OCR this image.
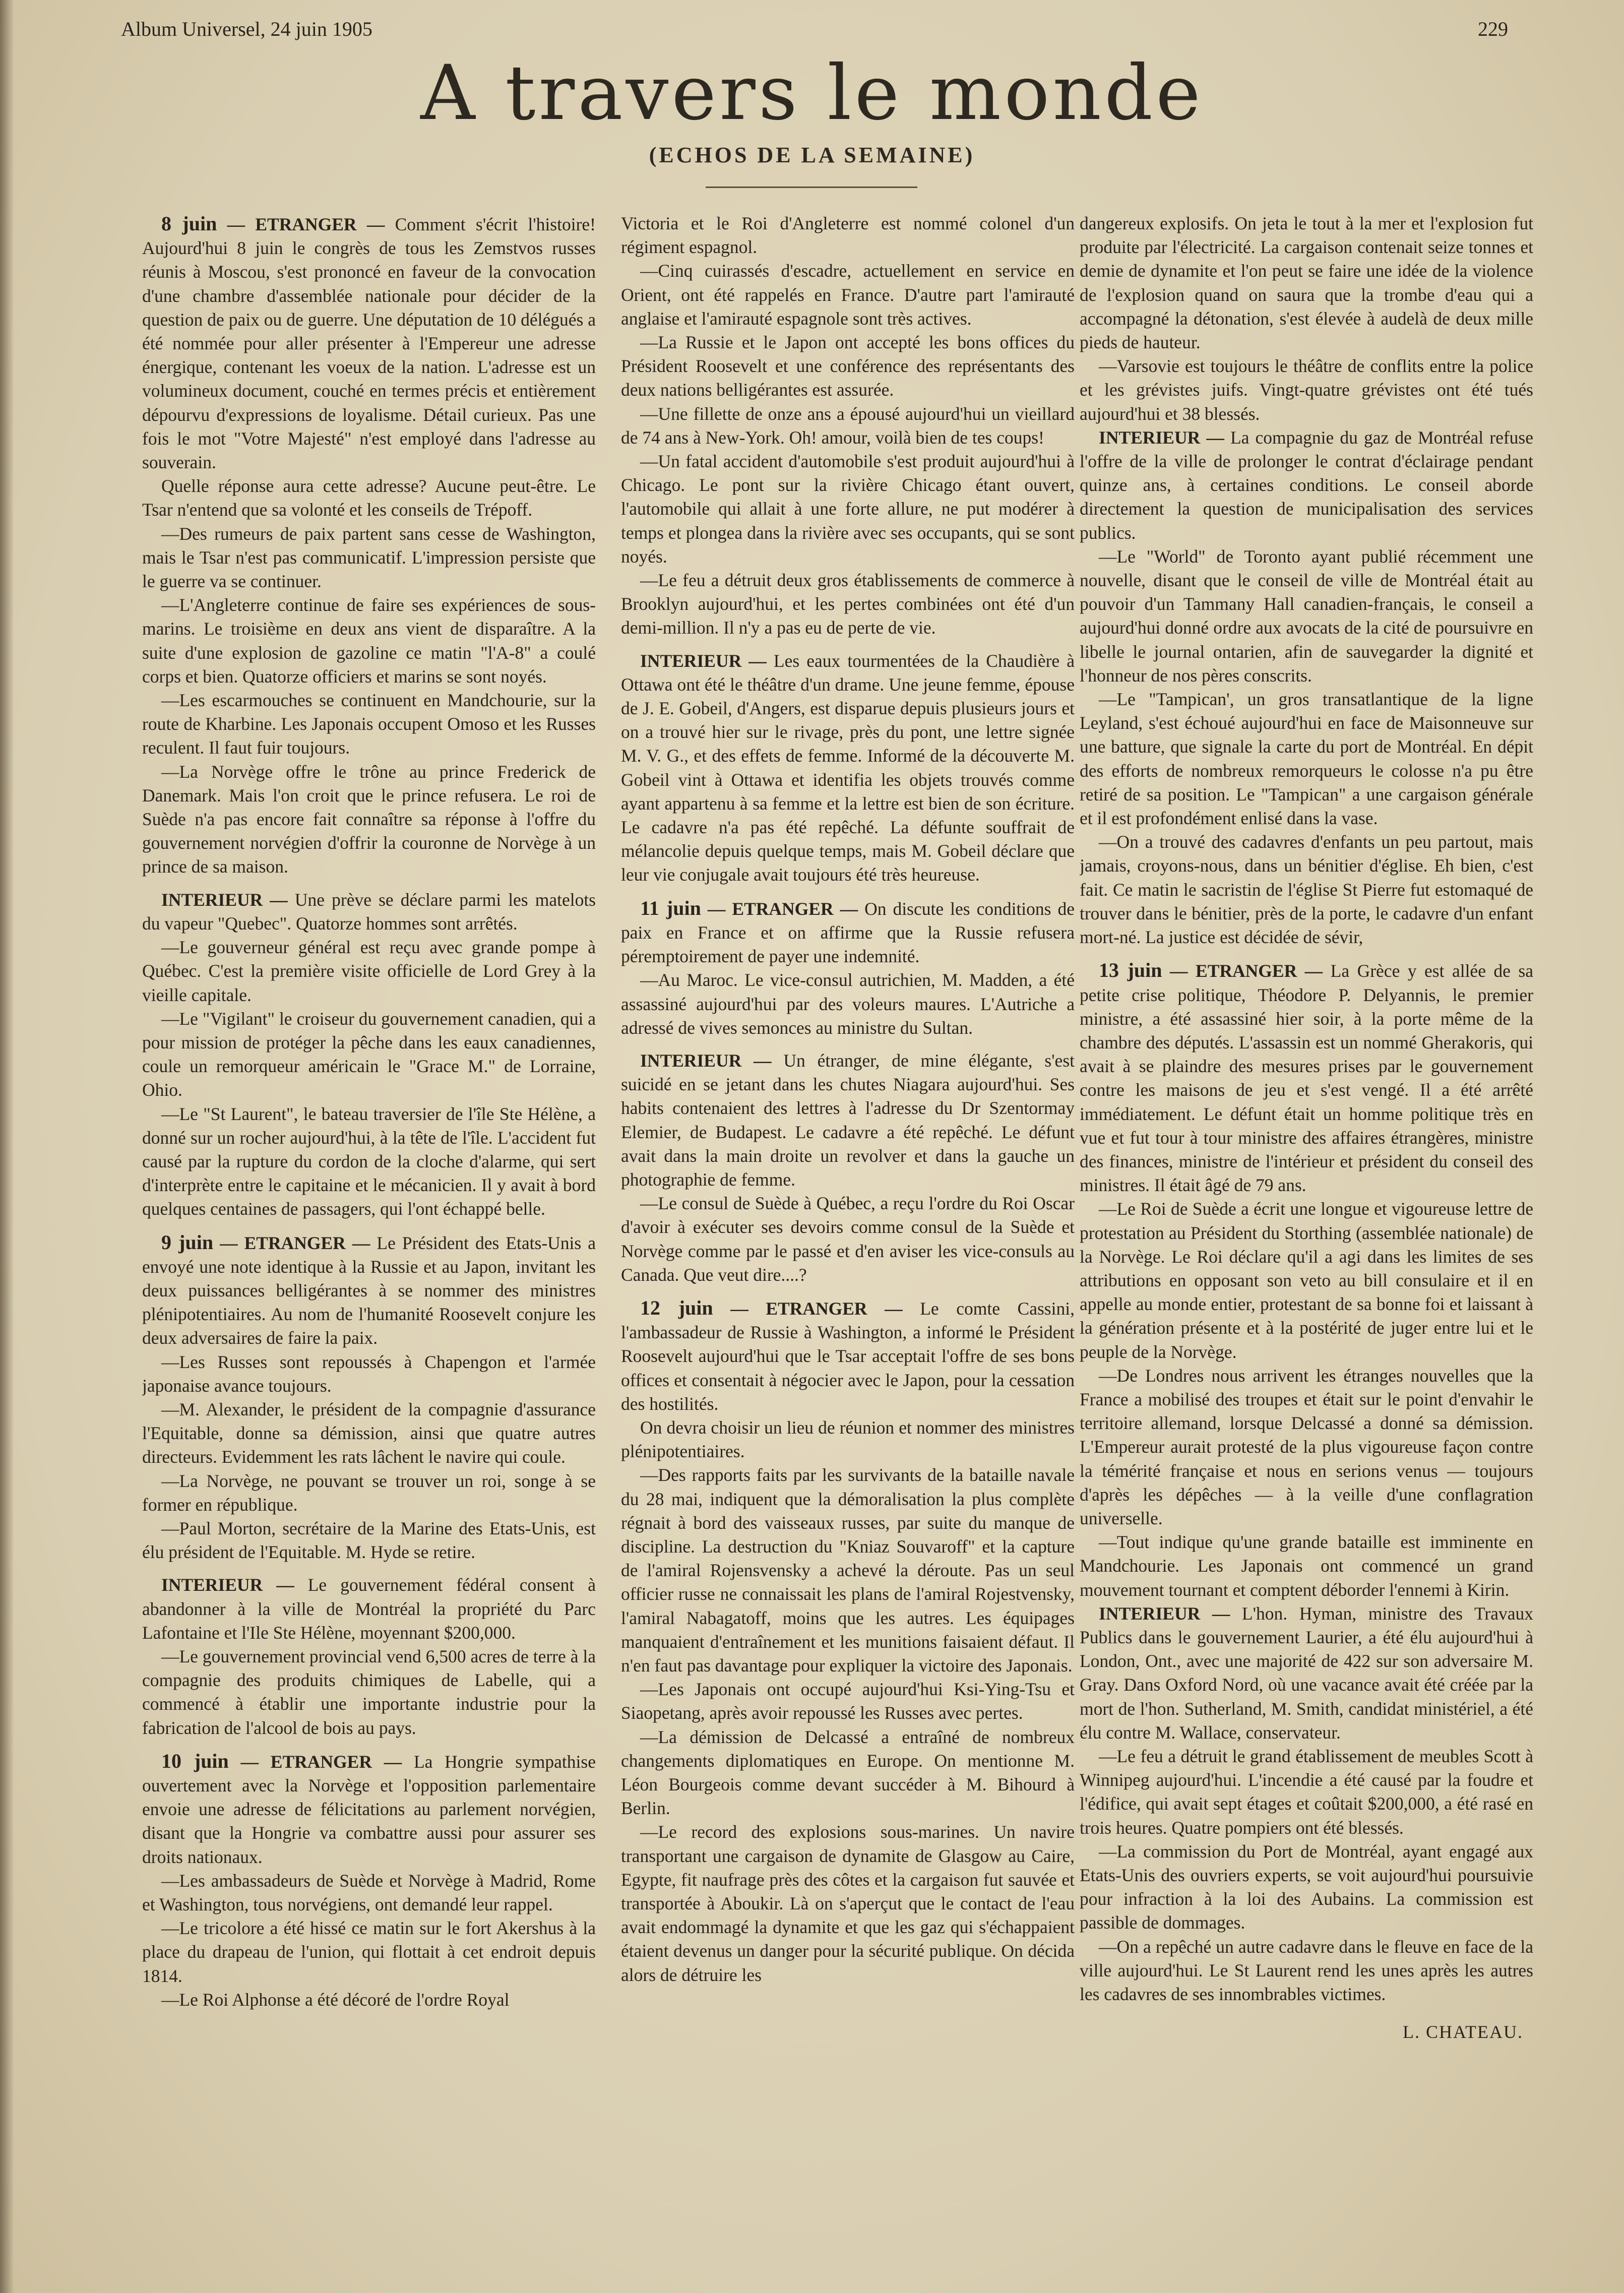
Album Universel, 24 juin 1905	229
A travers le monde
(ECHOS DE LA SEMAINE)

8 juin — ETRANGER — Comment s'écrit l'histoire! Aujourd'hui 8 juin le congrès de tous les Zemstvos russes réunis à Moscou, s'est prononcé en faveur de la convocation d'une chambre d'assemblée nationale pour décider de la question de paix ou de guerre. Une députation de 10 délégués a été nommée pour aller présenter à l'Empereur une adresse énergique, contenant les voeux de la nation. L'adresse est un volumineux document, couché en termes précis et entièrement dépourvu d'expressions de loyalisme. Détail curieux. Pas une fois le mot "Votre Majesté" n'est employé dans l'adresse au souverain.

Quelle réponse aura cette adresse? Aucune peut-être. Le Tsar n'entend que sa volonté et les conseils de Trépoff.

—Des rumeurs de paix partent sans cesse de Washington, mais le Tsar n'est pas communicatif. L'impression persiste que le guerre va se continuer.

—L'Angleterre continue de faire ses expériences de sous-marins. Le troisième en deux ans vient de disparaître. A la suite d'une explosion de gazoline ce matin "l'A-8" a coulé corps et bien. Quatorze officiers et marins se sont noyés.

—Les escarmouches se continuent en Mandchourie, sur la route de Kharbine. Les Japonais occupent Omoso et les Russes reculent. Il faut fuir toujours.

—La Norvège offre le trône au prince Frederick de Danemark. Mais l'on croit que le prince refusera. Le roi de Suède n'a pas encore fait connaître sa réponse à l'offre du gouvernement norvégien d'offrir la couronne de Norvège à un prince de sa maison.

INTERIEUR — Une prève se déclare parmi les matelots du vapeur "Quebec". Quatorze hommes sont arrêtés.

—Le gouverneur général est reçu avec grande pompe à Québec. C'est la première visite officielle de Lord Grey à la vieille capitale.

—Le "Vigilant" le croiseur du gouvernement canadien, qui a pour mission de protéger la pêche dans les eaux canadiennes, coule un remorqueur américain le "Grace M." de Lorraine, Ohio.

—Le "St Laurent", le bateau traversier de l'île Ste Hélène, a donné sur un rocher aujourd'hui, à la tête de l'île. L'accident fut causé par la rupture du cordon de la cloche d'alarme, qui sert d'interprète entre le capitaine et le mécanicien. Il y avait à bord quelques centaines de passagers, qui l'ont échappé belle.

9 juin — ETRANGER — Le Président des Etats-Unis a envoyé une note identique à la Russie et au Japon, invitant les deux puissances belligérantes à se nommer des ministres plénipotentiaires. Au nom de l'humanité Roosevelt conjure les deux adversaires de faire la paix.

—Les Russes sont repoussés à Chapengon et l'armée japonaise avance toujours.

—M. Alexander, le président de la compagnie d'assurance l'Equitable, donne sa démission, ainsi que quatre autres directeurs. Evidemment les rats lâchent le navire qui coule.

—La Norvège, ne pouvant se trouver un roi, songe à se former en république.

—Paul Morton, secrétaire de la Marine des Etats-Unis, est élu président de l'Equitable. M. Hyde se retire.

INTERIEUR — Le gouvernement fédéral consent à abandonner à la ville de Montréal la propriété du Parc Lafontaine et l'Ile Ste Hélène, moyennant $200,000.

—Le gouvernement provincial vend 6,500 acres de terre à la compagnie des produits chimiques de Labelle, qui a commencé à établir une importante industrie pour la fabrication de l'alcool de bois au pays.

10 juin — ETRANGER — La Hongrie sympathise ouvertement avec la Norvège et l'opposition parlementaire envoie une adresse de félicitations au parlement norvégien, disant que la Hongrie va combattre aussi pour assurer ses droits nationaux.

—Les ambassadeurs de Suède et Norvège à Madrid, Rome et Washington, tous norvégiens, ont demandé leur rappel.

—Le tricolore a été hissé ce matin sur le fort Akershus à la place du drapeau de l'union, qui flottait à cet endroit depuis 1814.

—Le Roi Alphonse a été décoré de l'ordre Royal

Victoria et le Roi d'Angleterre est nommé colonel d'un régiment espagnol.

—Cinq cuirassés d'escadre, actuellement en service en Orient, ont été rappelés en France. D'autre part l'amirauté anglaise et l'amirauté espagnole sont très actives.

—La Russie et le Japon ont accepté les bons offices du Président Roosevelt et une conférence des représentants des deux nations belligérantes est assurée.

—Une fillette de onze ans a épousé aujourd'hui un vieillard de 74 ans à New-York. Oh! amour, voilà bien de tes coups!

—Un fatal accident d'automobile s'est produit aujourd'hui à Chicago. Le pont sur la rivière Chicago étant ouvert, l'automobile qui allait à une forte allure, ne put modérer à temps et plongea dans la rivière avec ses occupants, qui se sont noyés.

—Le feu a détruit deux gros établissements de commerce à Brooklyn aujourd'hui, et les pertes combinées ont été d'un demi-million. Il n'y a pas eu de perte de vie.

INTERIEUR — Les eaux tourmentées de la Chaudière à Ottawa ont été le théâtre d'un drame. Une jeune femme, épouse de J. E. Gobeil, d'Angers, est disparue depuis plusieurs jours et on a trouvé hier sur le rivage, près du pont, une lettre signée M. V. G., et des effets de femme. Informé de la découverte M. Gobeil vint à Ottawa et identifia les objets trouvés comme ayant appartenu à sa femme et la lettre est bien de son écriture. Le cadavre n'a pas été repêché. La défunte souffrait de mélancolie depuis quelque temps, mais M. Gobeil déclare que leur vie conjugale avait toujours été très heureuse.

11 juin — ETRANGER — On discute les conditions de paix en France et on affirme que la Russie refusera péremptoirement de payer une indemnité.

—Au Maroc. Le vice-consul autrichien, M. Madden, a été assassiné aujourd'hui par des voleurs maures. L'Autriche a adressé de vives semonces au ministre du Sultan.

INTERIEUR — Un étranger, de mine élégante, s'est suicidé en se jetant dans les chutes Niagara aujourd'hui. Ses habits contenaient des lettres à l'adresse du Dr Szentormay Elemier, de Budapest. Le cadavre a été repêché. Le défunt avait dans la main droite un revolver et dans la gauche un photographie de femme.

—Le consul de Suède à Québec, a reçu l'ordre du Roi Oscar d'avoir à exécuter ses devoirs comme consul de la Suède et Norvège comme par le passé et d'en aviser les vice-consuls au Canada. Que veut dire....?

12 juin — ETRANGER — Le comte Cassini, l'ambassadeur de Russie à Washington, a informé le Président Roosevelt aujourd'hui que le Tsar acceptait l'offre de ses bons offices et consentait à négocier avec le Japon, pour la cessation des hostilités.

On devra choisir un lieu de réunion et nommer des ministres plénipotentiaires.

—Des rapports faits par les survivants de la bataille navale du 28 mai, indiquent que la démoralisation la plus complète régnait à bord des vaisseaux russes, par suite du manque de discipline. La destruction du "Kniaz Souvaroff" et la capture de l'amiral Rojensvensky a achevé la déroute. Pas un seul officier russe ne connaissait les plans de l'amiral Rojestvensky, l'amiral Nabagatoff, moins que les autres. Les équipages manquaient d'entraînement et les munitions faisaient défaut. Il n'en faut pas davantage pour expliquer la victoire des Japonais.

—Les Japonais ont occupé aujourd'hui Ksi-Ying-Tsu et Siaopetang, après avoir repoussé les Russes avec pertes.

—La démission de Delcassé a entraîné de nombreux changements diplomatiques en Europe. On mentionne M. Léon Bourgeois comme devant succéder à M. Bihourd à Berlin.

—Le record des explosions sous-marines. Un navire transportant une cargaison de dynamite de Glasgow au Caire, Egypte, fit naufrage près des côtes et la cargaison fut sauvée et transportée à Aboukir. Là on s'aperçut que le contact de l'eau avait endommagé la dynamite et que les gaz qui s'échappaient étaient devenus un danger pour la sécurité publique. On décida alors de détruire les

dangereux explosifs. On jeta le tout à la mer et l'explosion fut produite par l'électricité. La cargaison contenait seize tonnes et demie de dynamite et l'on peut se faire une idée de la violence de l'explosion quand on saura que la trombe d'eau qui a accompagné la détonation, s'est élevée à audelà de deux mille pieds de hauteur.

—Varsovie est toujours le théâtre de conflits entre la police et les grévistes juifs. Vingt-quatre grévistes ont été tués aujourd'hui et 38 blessés.

INTERIEUR — La compagnie du gaz de Montréal refuse l'offre de la ville de prolonger le contrat d'éclairage pendant quinze ans, à certaines conditions. Le conseil aborde directement la question de municipalisation des services publics.

—Le "World" de Toronto ayant publié récemment une nouvelle, disant que le conseil de ville de Montréal était au pouvoir d'un Tammany Hall canadien-français, le conseil a aujourd'hui donné ordre aux avocats de la cité de poursuivre en libelle le journal ontarien, afin de sauvegarder la dignité et l'honneur de nos pères conscrits.

—Le "Tampican', un gros transatlantique de la ligne Leyland, s'est échoué aujourd'hui en face de Maisonneuve sur une batture, que signale la carte du port de Montréal. En dépit des efforts de nombreux remorqueurs le colosse n'a pu être retiré de sa position. Le "Tampican" a une cargaison générale et il est profondément enlisé dans la vase.

—On a trouvé des cadavres d'enfants un peu partout, mais jamais, croyons-nous, dans un bénitier d'église. Eh bien, c'est fait. Ce matin le sacristin de l'église St Pierre fut estomaqué de trouver dans le bénitier, près de la porte, le cadavre d'un enfant mort-né. La justice est décidée de sévir,

13 juin — ETRANGER — La Grèce y est allée de sa petite crise politique, Théodore P. Delyannis, le premier ministre, a été assassiné hier soir, à la porte même de la chambre des députés. L'assassin est un nommé Gherakoris, qui avait à se plaindre des mesures prises par le gouvernement contre les maisons de jeu et s'est vengé. Il a été arrêté immédiatement. Le défunt était un homme politique très en vue et fut tour à tour ministre des affaires étrangères, ministre des finances, ministre de l'intérieur et président du conseil des ministres. Il était âgé de 79 ans.

—Le Roi de Suède a écrit une longue et vigoureuse lettre de protestation au Président du Storthing (assemblée nationale) de la Norvège. Le Roi déclare qu'il a agi dans les limites de ses attributions en opposant son veto au bill consulaire et il en appelle au monde entier, protestant de sa bonne foi et laissant à la génération présente et à la postérité de juger entre lui et le peuple de la Norvège.

—De Londres nous arrivent les étranges nouvelles que la France a mobilisé des troupes et était sur le point d'envahir le territoire allemand, lorsque Delcassé a donné sa démission. L'Empereur aurait protesté de la plus vigoureuse façon contre la témérité française et nous en serions venus — toujours d'après les dépêches — à la veille d'une conflagration universelle.

—Tout indique qu'une grande bataille est imminente en Mandchourie. Les Japonais ont commencé un grand mouvement tournant et comptent déborder l'ennemi à Kirin.

INTERIEUR — L'hon. Hyman, ministre des Travaux Publics dans le gouvernement Laurier, a été élu aujourd'hui à London, Ont., avec une majorité de 422 sur son adversaire M. Gray. Dans Oxford Nord, où une vacance avait été créée par la mort de l'hon. Sutherland, M. Smith, candidat ministériel, a été élu contre M. Wallace, conservateur.

—Le feu a détruit le grand établissement de meubles Scott à Winnipeg aujourd'hui. L'incendie a été causé par la foudre et l'édifice, qui avait sept étages et coûtait $200,000, a été rasé en trois heures. Quatre pompiers ont été blessés.

—La commission du Port de Montréal, ayant engagé aux Etats-Unis des ouvriers experts, se voit aujourd'hui poursuivie pour infraction à la loi des Aubains. La commission est passible de dommages.

—On a repêché un autre cadavre dans le fleuve en face de la ville aujourd'hui. Le St Laurent rend les unes après les autres les cadavres de ses innombrables victimes.

L. CHATEAU.
